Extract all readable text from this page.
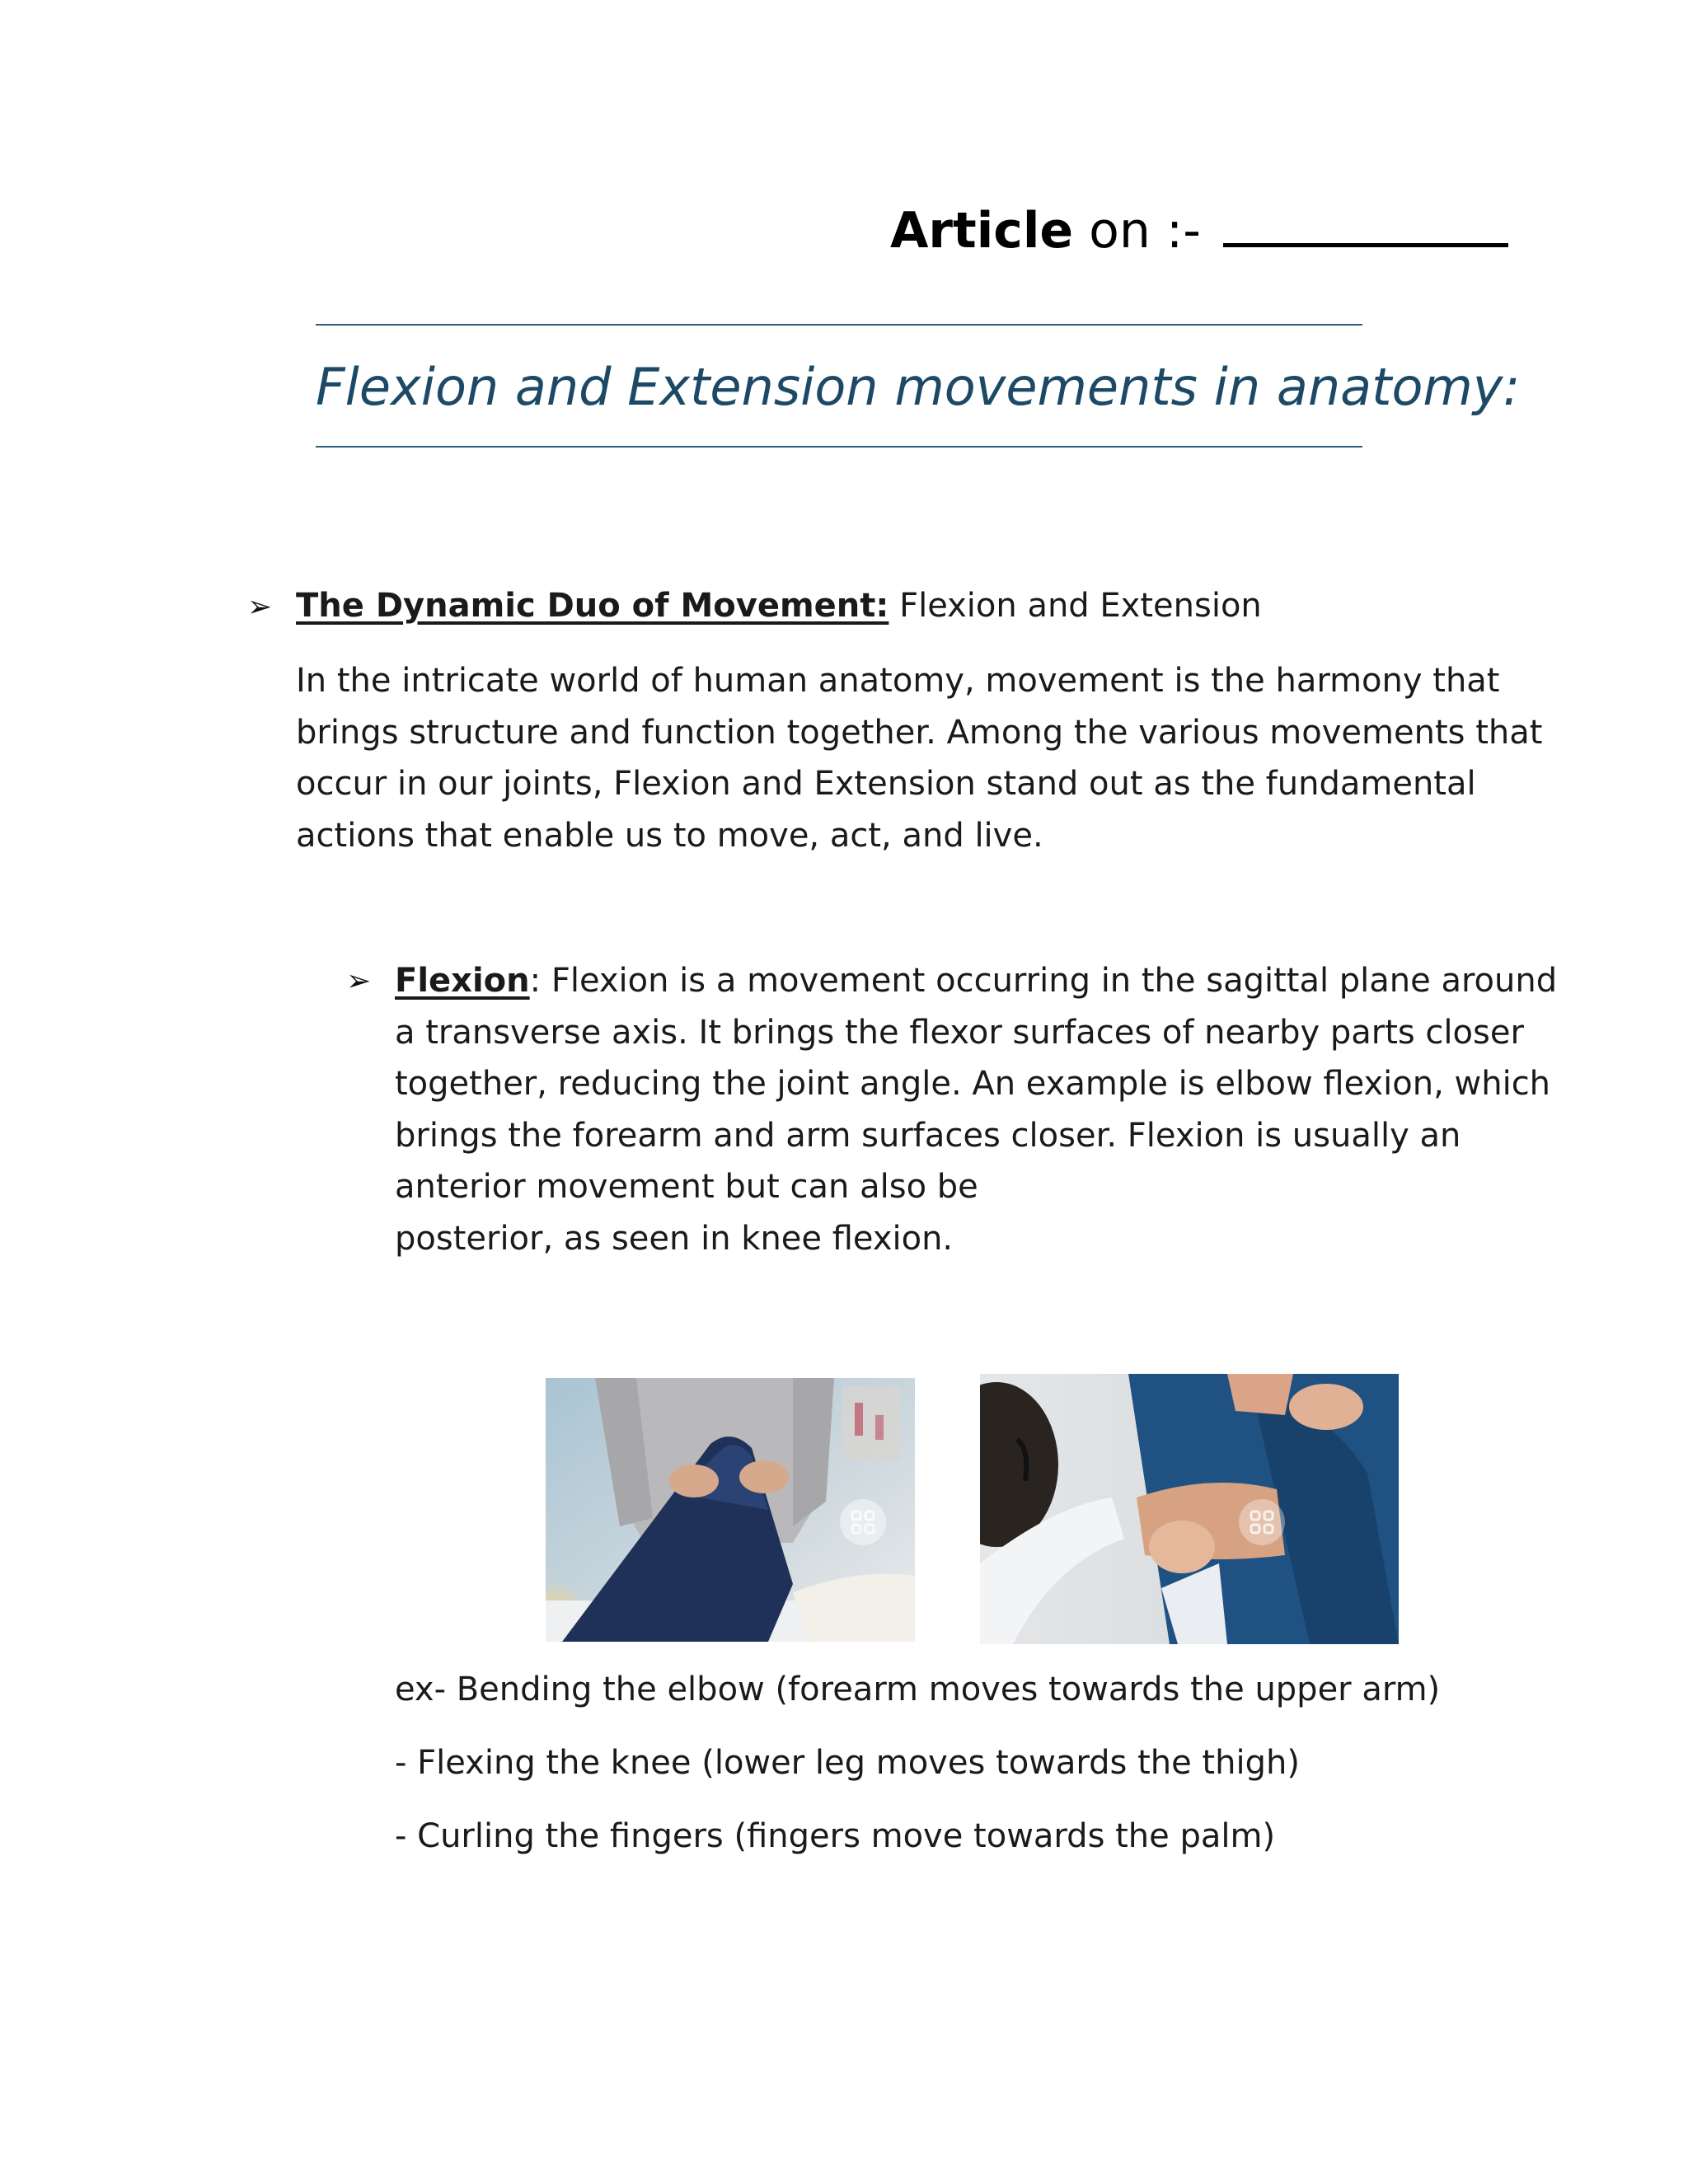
Article on :-
Flexion and Extension movements in anatomy:
➢ The Dynamic Duo of Movement: Flexion and Extension

In the intricate world of human anatomy, movement is the harmony that

brings structure and function together. Among the various movements that

occur in our joints, Flexion and Extension stand out as the fundamental

actions that enable us to move, act, and live.

➢ Flexion: Flexion is a movement occurring in the sagittal plane around

a transverse axis. It brings the flexor surfaces of nearby parts closer

together, reducing the joint angle. An example is elbow flexion, which

brings the forearm and arm surfaces closer. Flexion is usually an

anterior movement but can also be

posterior, as seen in knee flexion.

ex- Bending the elbow (forearm moves towards the upper arm)

- Flexing the knee (lower leg moves towards the thigh)

- Curling the fingers (fingers move towards the palm)
